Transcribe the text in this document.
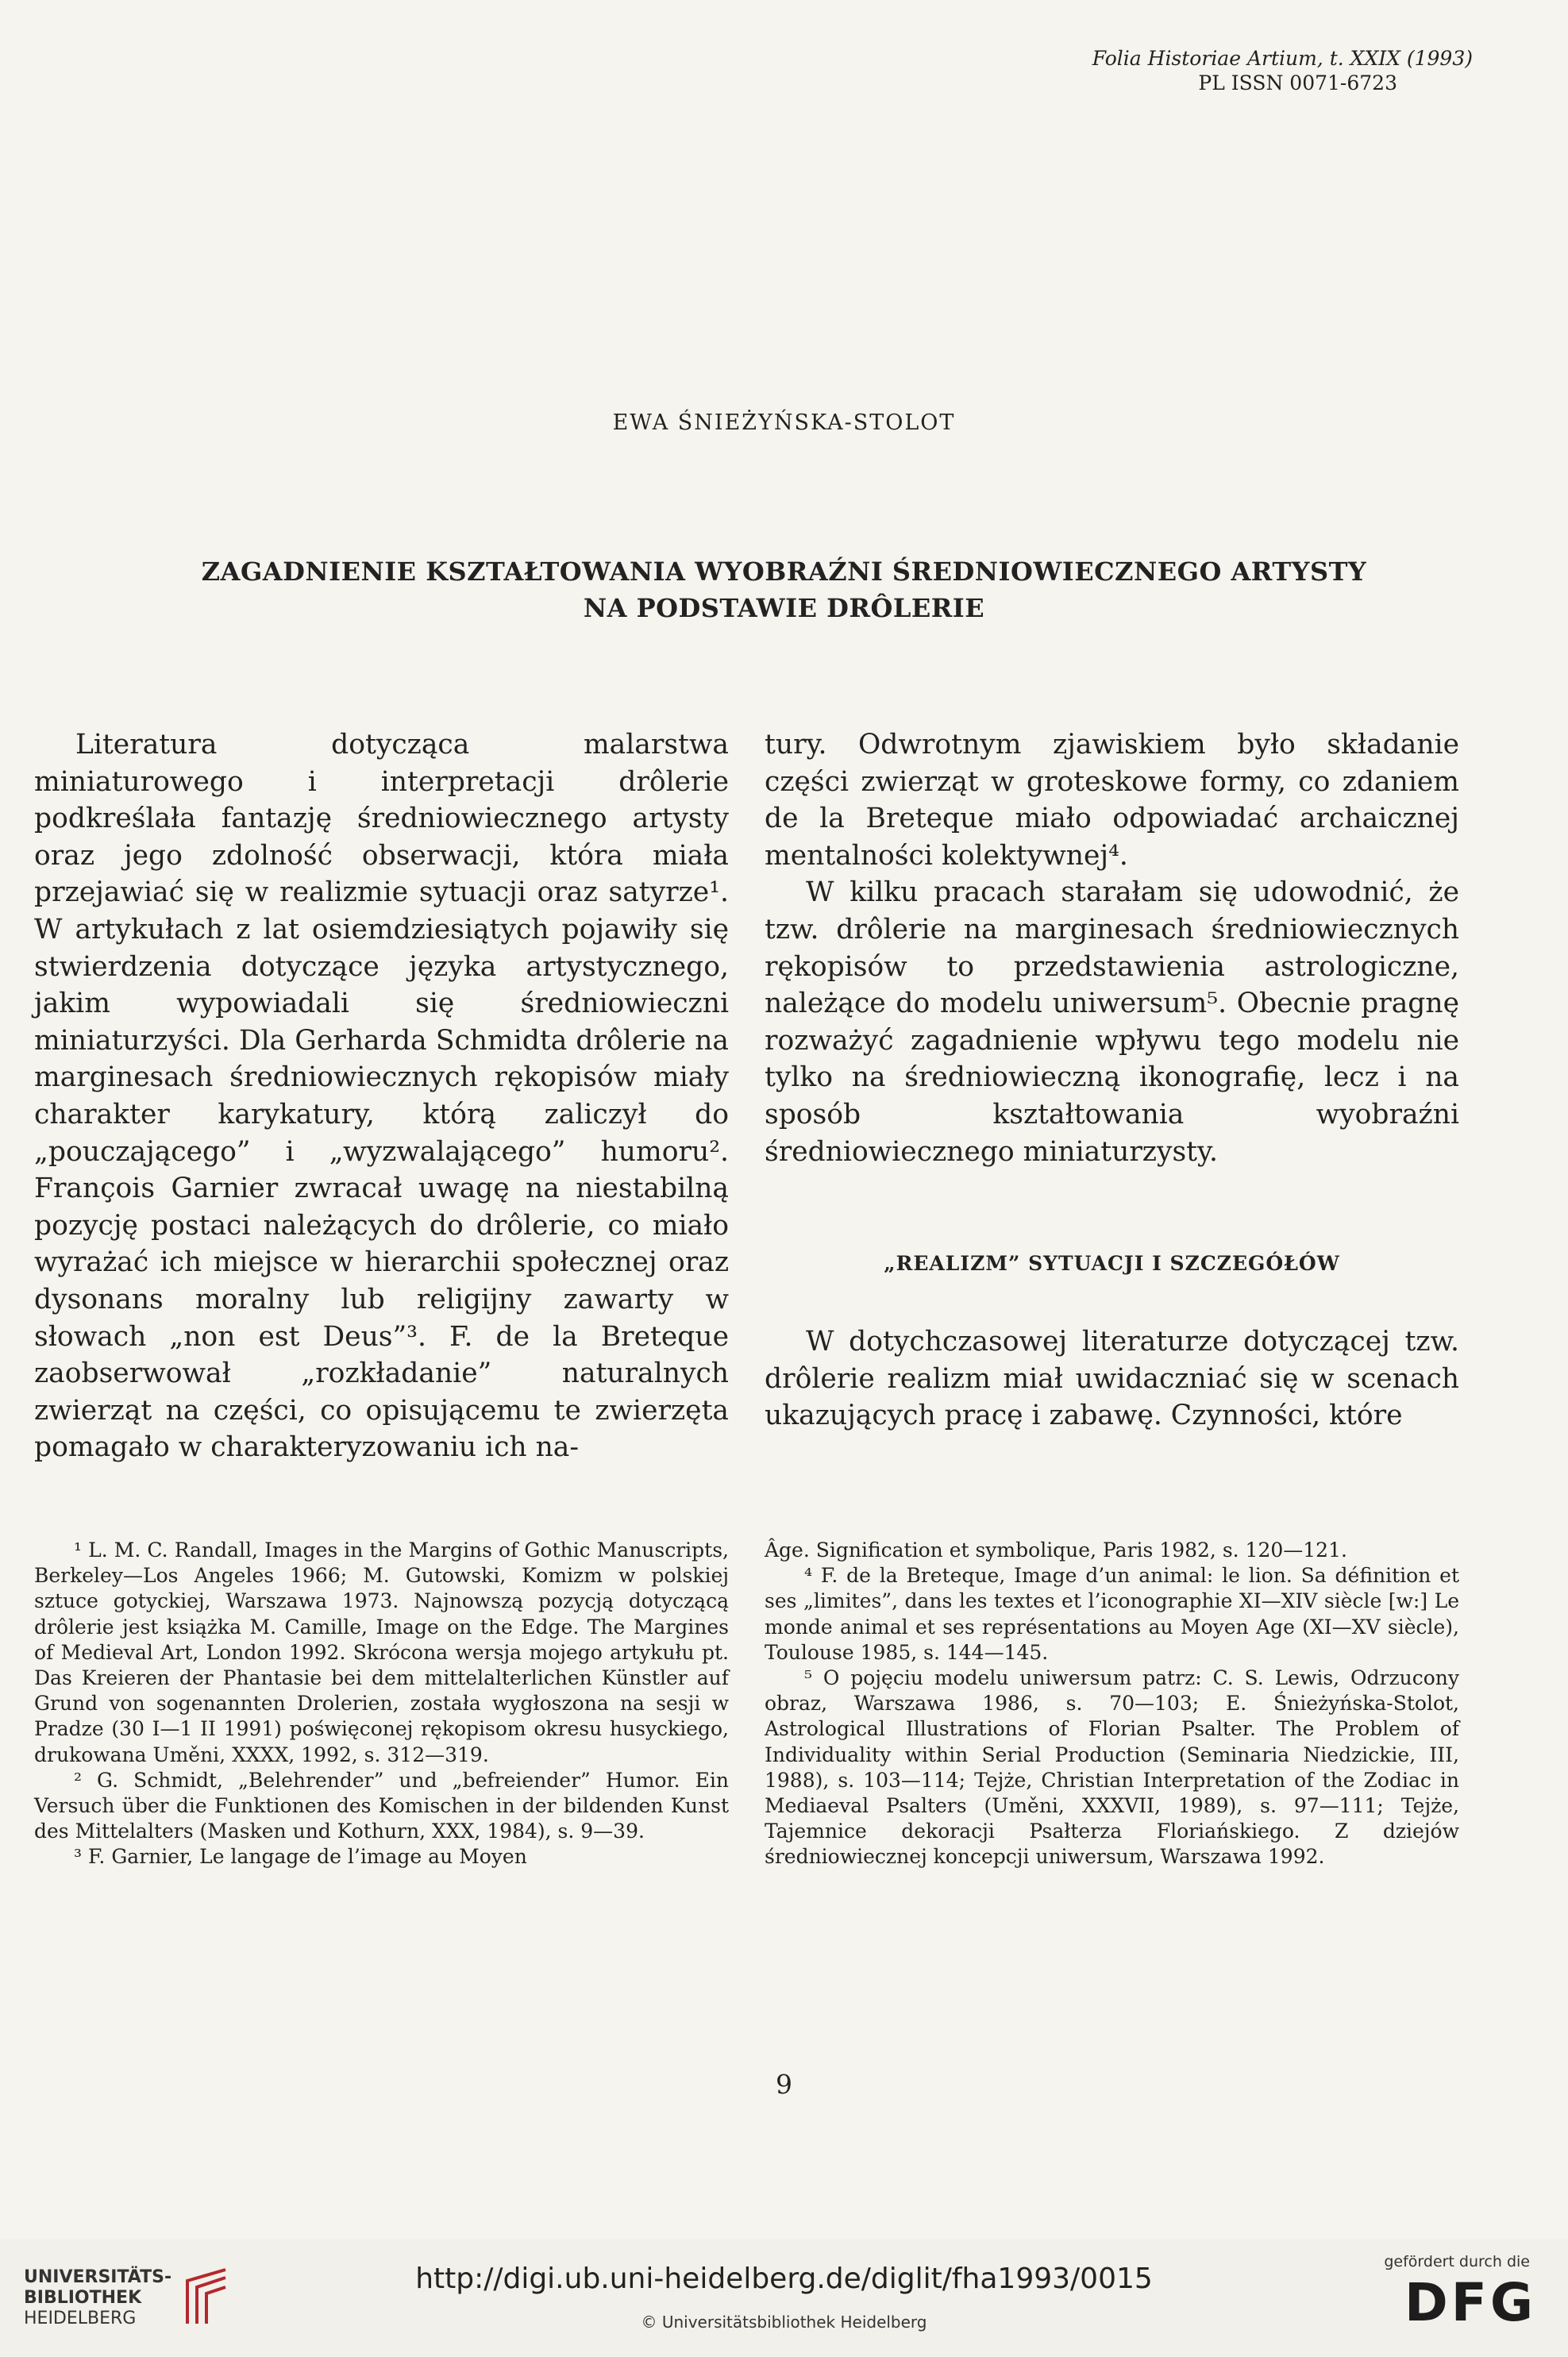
Folia Historiae Artium, t. XXIX (1993)
PL ISSN 0071-6723
EWA ŚNIEŻYŃSKA-STOLOT
ZAGADNIENIE KSZTAŁTOWANIA WYOBRAŹNI ŚREDNIOWIECZNEGO ARTYSTY
NA PODSTAWIE DRÔLERIE

Literatura dotycząca malarstwa miniaturowego i interpretacji drôlerie podkreślała fantazję średniowiecznego artysty oraz jego zdolność obserwacji, która miała przejawiać się w realizmie sytuacji oraz satyrze¹. W artykułach z lat osiemdziesiątych pojawiły się stwierdzenia dotyczące języka artystycznego, jakim wypowiadali się średniowieczni miniaturzyści. Dla Gerharda Schmidta drôlerie na marginesach średniowiecznych rękopisów miały charakter karykatury, którą zaliczył do „pouczającego” i „wyzwalającego” humoru². François Garnier zwracał uwagę na niestabilną pozycję postaci należących do drôlerie, co miało wyrażać ich miejsce w hierarchii społecznej oraz dysonans moralny lub religijny zawarty w słowach „non est Deus”³. F. de la Breteque zaobserwował „rozkładanie” naturalnych zwierząt na części, co opisującemu te zwierzęta pomagało w charakteryzowaniu ich na-

tury. Odwrotnym zjawiskiem było składanie części zwierząt w groteskowe formy, co zdaniem de la Breteque miało odpowiadać archaicznej mentalności kolektywnej⁴.

W kilku pracach starałam się udowodnić, że tzw. drôlerie na marginesach średniowiecznych rękopisów to przedstawienia astrologiczne, należące do modelu uniwersum⁵. Obecnie pragnę rozważyć zagadnienie wpływu tego modelu nie tylko na średniowieczną ikonografię, lecz i na sposób kształtowania wyobraźni średniowiecznego miniaturzysty.

„REALIZM” SYTUACJI I SZCZEGÓŁÓW

W dotychczasowej literaturze dotyczącej tzw. drôlerie realizm miał uwidaczniać się w scenach ukazujących pracę i zabawę. Czynności, które

¹ L. M. C. Randall, Images in the Margins of Gothic Manuscripts, Berkeley—Los Angeles 1966; M. Gutowski, Komizm w polskiej sztuce gotyckiej, Warszawa 1973. Najnowszą pozycją dotyczącą drôlerie jest książka M. Camille, Image on the Edge. The Margines of Medieval Art, London 1992. Skrócona wersja mojego artykułu pt. Das Kreieren der Phantasie bei dem mittelalterlichen Künstler auf Grund von sogenannten Drolerien, została wygłoszona na sesji w Pradze (30 I—1 II 1991) poświęconej rękopisom okresu husyckiego, drukowana Uměni, XXXX, 1992, s. 312—319.

² G. Schmidt, „Belehrender” und „befreiender” Humor. Ein Versuch über die Funktionen des Komischen in der bildenden Kunst des Mittelalters (Masken und Kothurn, XXX, 1984), s. 9—39.

³ F. Garnier, Le langage de l’image au Moyen

Âge. Signification et symbolique, Paris 1982, s. 120—121.

⁴ F. de la Breteque, Image d’un animal: le lion. Sa définition et ses „limites”, dans les textes et l’iconographie XI—XIV siècle [w:] Le monde animal et ses représentations au Moyen Age (XI—XV siècle), Toulouse 1985, s. 144—145.

⁵ O pojęciu modelu uniwersum patrz: C. S. Lewis, Odrzucony obraz, Warszawa 1986, s. 70—103; E. Śnieżyńska-Stolot, Astrological Illustrations of Florian Psalter. The Problem of Individuality within Serial Production (Seminaria Niedzickie, III, 1988), s. 103—114; Tejże, Christian Interpretation of the Zodiac in Mediaeval Psalters (Uměni, XXXVII, 1989), s. 97—111; Tejże, Tajemnice dekoracji Psałterza Floriańskiego. Z dziejów średniowiecznej koncepcji uniwersum, Warszawa 1992.

9
UNIVERSITÄTS-
BIBLIOTHEK
HEIDELBERG
http://digi.ub.uni-heidelberg.de/diglit/fha1993/0015
© Universitätsbibliothek Heidelberg
gefördert durch die
DFG
